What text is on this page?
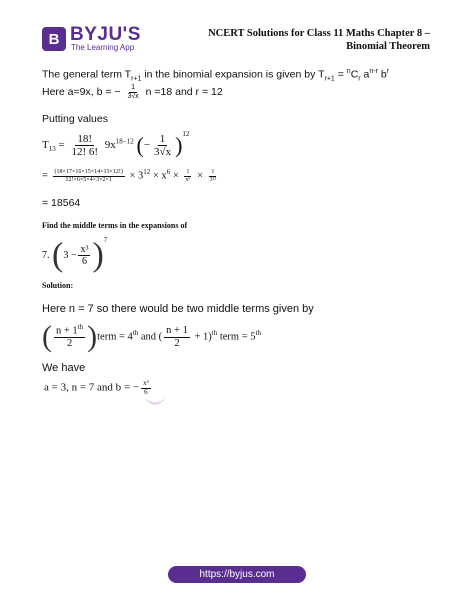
B BYJU'S
The Learning App
NCERT Solutions for Class 11 Maths Chapter 8 –
Binomial Theorem
The general term $T_{r+1}$ in the binomial expansion is given by $T_{r+1} = ^nC_r$ $a^{n-r}$ $b^r$
Here a=9x, b = − $\frac{1}{3√x}$ n =18 and r = 12
Putting values
$T_{13} = \frac{18!}{12! 6!} 9x^{18-12}$ (− $\frac{1}{3√x} )^{12}$
= $\frac{(18\times 17\times 16\times 15\times 14\times 13\times 12!)}{12!\times 6\times 5\times 4\times 3\times 2\times 1} \times 3^{12} \times x^6 \times \frac{1}{\text{x⁶}} \times \frac{1}{\text{3¹²}}$
= 18564
Find the middle terms in the expansions of
7. $(3 - \frac{\text{x³}}{6} )^7$
Solution:
Here n = 7 so there would be two middle terms given by
( $\frac{n + 1^{th}}{2}$ )term = 4th and ( $\frac{n + 1}{2} + 1)^{th}$ term = 5th
We have
a = 3, n = 7 and b = − $\frac{\text{x³}}{6}$
https://byjus.com
